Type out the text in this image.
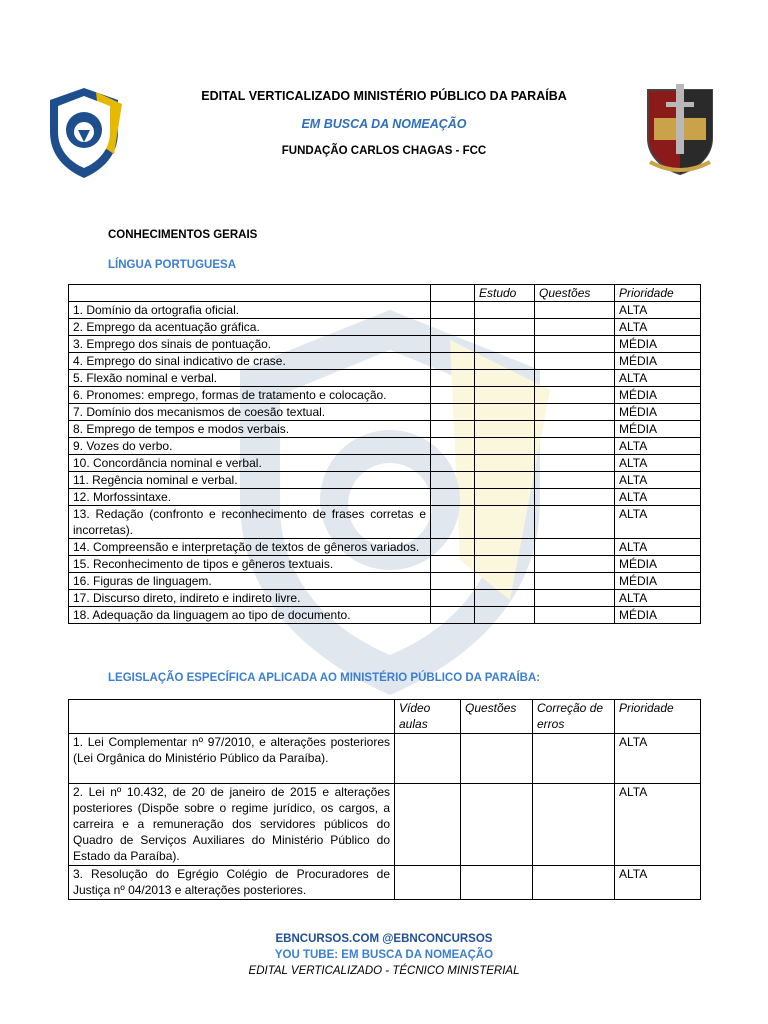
EDITAL VERTICALIZADO MINISTÉRIO PÚBLICO DA PARAÍBA
EM BUSCA DA NOMEAÇÃO
FUNDAÇÃO CARLOS CHAGAS - FCC
CONHECIMENTOS GERAIS
LÍNGUA PORTUGUESA
		Estudo	Questões	Prioridade
1. Domínio da ortografia oficial.				ALTA
2. Emprego da acentuação gráfica.				ALTA
3. Emprego dos sinais de pontuação.				MÉDIA
4. Emprego do sinal indicativo de crase.				MÉDIA
5. Flexão nominal e verbal.				ALTA
6. Pronomes: emprego, formas de tratamento e colocação.				MÉDIA
7. Domínio dos mecanismos de coesão textual.				MÉDIA
8. Emprego de tempos e modos verbais.				MÉDIA
9. Vozes do verbo.				ALTA
10. Concordância nominal e verbal.				ALTA
11. Regência nominal e verbal.				ALTA
12. Morfossintaxe.				ALTA
13. Redação (confronto e reconhecimento de frases corretas e incorretas).				ALTA
14. Compreensão e interpretação de textos de gêneros variados.				ALTA
15. Reconhecimento de tipos e gêneros textuais.				MÉDIA
16. Figuras de linguagem.				MÉDIA
17. Discurso direto, indireto e indireto livre.				ALTA
18. Adequação da linguagem ao tipo de documento.				MÉDIA
LEGISLAÇÃO ESPECÍFICA APLICADA AO MINISTÉRIO PÚBLICO DA PARAÍBA:
	Vídeo aulas	Questões	Correção de erros	Prioridade
1. Lei Complementar nº 97/2010, e alterações posteriores (Lei Orgânica do Ministério Público da Paraíba).				ALTA
2. Lei nº 10.432, de 20 de janeiro de 2015 e alterações posteriores (Dispõe sobre o regime jurídico, os cargos, a carreira e a remuneração dos servidores públicos do Quadro de Serviços Auxiliares do Ministério Público do Estado da Paraíba).				ALTA
3. Resolução do Egrégio Colégio de Procuradores de Justiça nº 04/2013 e alterações posteriores.				ALTA
EBNCURSOS.COM @EBNCONCURSOS
YOU TUBE: EM BUSCA DA NOMEAÇÃO
EDITAL VERTICALIZADO - TÉCNICO MINISTERIAL
